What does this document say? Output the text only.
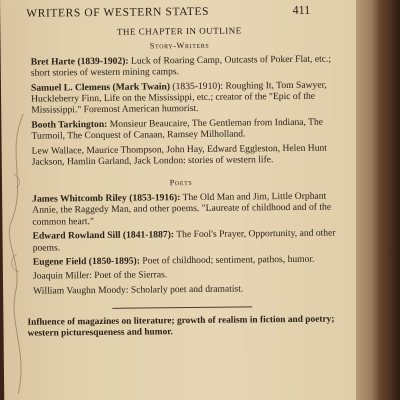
WRITERS OF WESTERN STATES	411
THE CHAPTER IN OUTLINE
Story-Writers
Bret Harte (1839-1902): Luck of Roaring Camp, Outcasts of Poker Flat, etc.; short stories of western mining camps.
Samuel L. Clemens (Mark Twain) (1835-1910): Roughing It, Tom Sawyer, Huckleberry Finn, Life on the Mississippi, etc.; creator of the "Epic of the Mississippi." Foremost American humorist.
Booth Tarkington: Monsieur Beaucaire, The Gentleman from Indiana, The Turmoil, The Conquest of Canaan, Ramsey Milholland.
Lew Wallace, Maurice Thompson, John Hay, Edward Eggleston, Helen Hunt Jackson, Hamlin Garland, Jack London: stories of western life.
Poets
James Whitcomb Riley (1853-1916): The Old Man and Jim, Little Orphant Annie, the Raggedy Man, and other poems. "Laureate of childhood and of the common heart."
Edward Rowland Sill (1841-1887): The Fool's Prayer, Opportunity, and other poems.
Eugene Field (1850-1895): Poet of childhood; sentiment, pathos, humor.
Joaquin Miller: Poet of the Sierras.
William Vaughn Moody: Scholarly poet and dramatist.
Influence of magazines on literature; growth of realism in fiction and poetry; western picturesqueness and humor.
